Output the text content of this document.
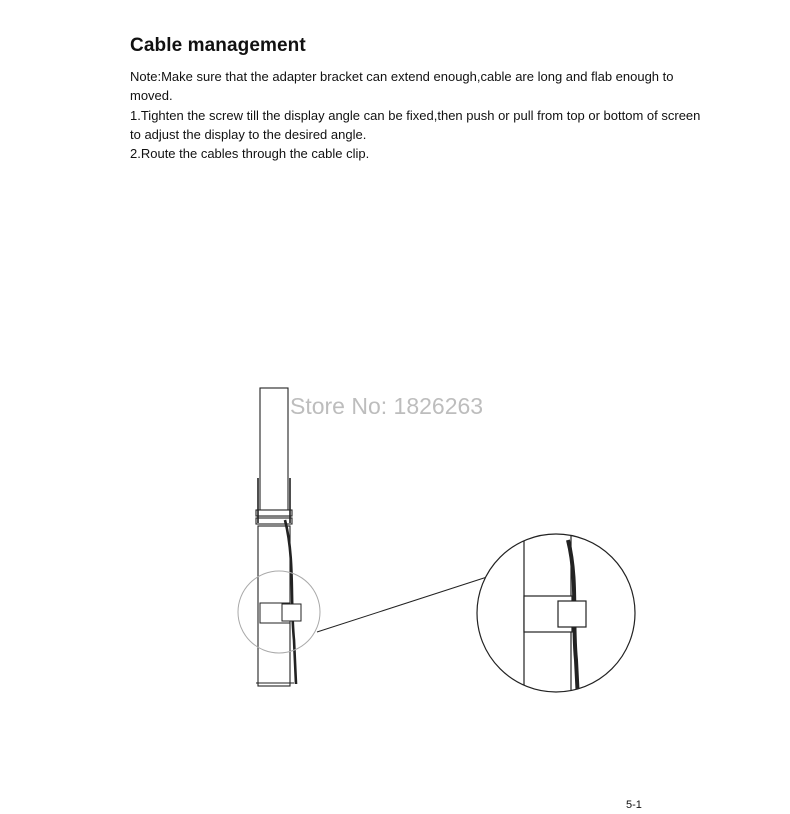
Cable management

Note:Make sure that the adapter bracket can extend enough,cable are long and flab enough to moved.

1.Tighten the screw till the display angle can be fixed,then push or pull from top or bottom of screen to adjust the display to the desired angle.

2.Route the cables through the cable clip.

Store No: 1826263
5-1
